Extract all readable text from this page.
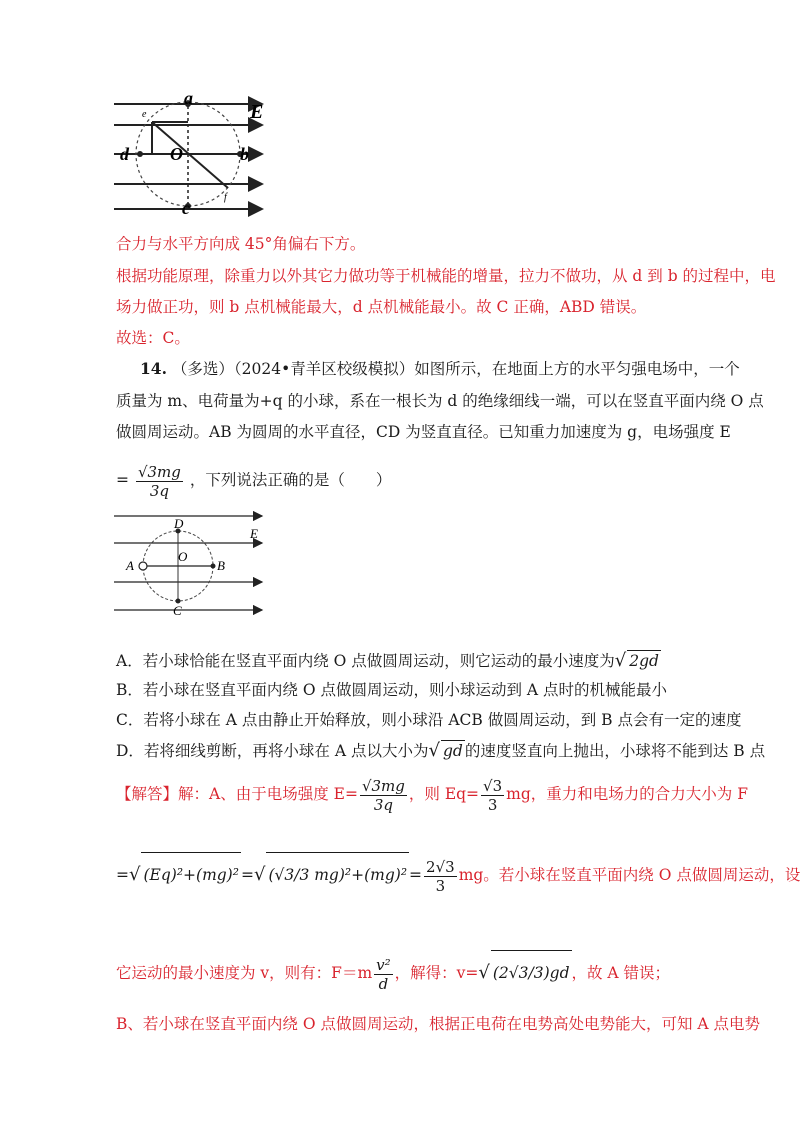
a
E
e
d O	b
c
f
合力与水平方向成 45°角偏右下方。
根据功能原理，除重力以外其它力做功等于机械能的增量，拉力不做功，从 d 到 b 的过程中，电
场力做正功，则 b 点机械能最大，d 点机械能最小。故 C 正确，ABD 错误。
故选：C。
14. （多选）（2024•青羊区校级模拟）如图所示，在地面上方的水平匀强电场中，一个
质量为 m、电荷量为+q 的小球，系在一根长为 d 的绝缘细线一端，可以在竖直平面内绕 O 点
做圆周运动。AB 为圆周的水平直径，CD 为竖直直径。已知重力加速度为 g，电场强度 E
= $\frac{√3mg}{3q}$ ，下列说法正确的是（　　）
D
O
E
A	B
C
A．若小球恰能在竖直平面内绕 O 点做圆周运动，则它运动的最小速度为√ 2gd
B．若小球在竖直平面内绕 O 点做圆周运动，则小球运动到 A 点时的机械能最小
C．若将小球在 A 点由静止开始释放，则小球沿 ACB 做圆周运动，到 B 点会有一定的速度
D．若将细线剪断，再将小球在 A 点以大小为√ gd 的速度竖直向上抛出，小球将不能到达 B 点
【解答】解：A、由于电场强度 $E= \frac{√3mg}{3q}$ ，则 $Eq= \frac{√3}{3}$ mg，重力和电场力的合力大小为 F
=√ (Eq)²+(mg)² =√ (√3/3 $mg)^2+(mg)^2 = \frac{2√3}{3}$ mg。若小球在竖直平面内绕 O 点做圆周运动，设
它运动的最小速度为 v，则有：$F=m \frac{\text{v²}}{d}$ ，解得：v=√ (2√3/3)gd ，故 A 错误；
B、若小球在竖直平面内绕 O 点做圆周运动，根据正电荷在电势高处电势能大，可知 A 点电势
